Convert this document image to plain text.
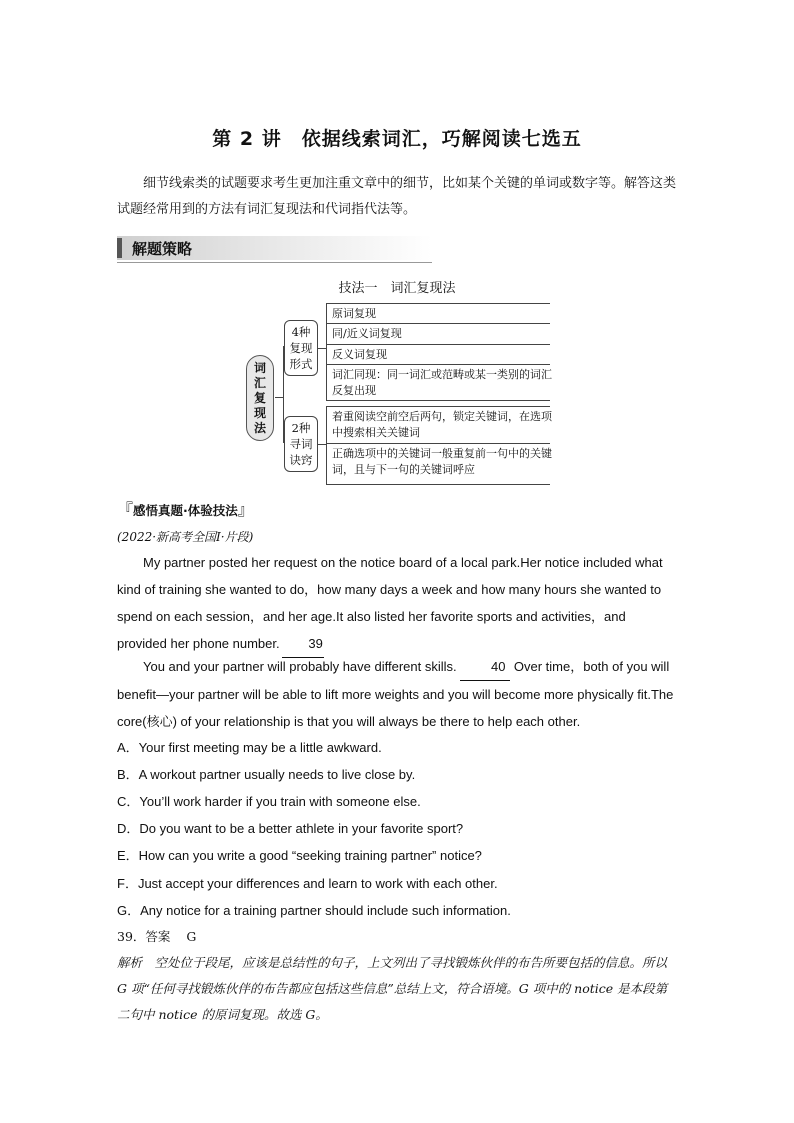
第 2 讲　依据线索词汇，巧解阅读七选五
细节线索类的试题要求考生更加注重文章中的细节，比如某个关键的单词或数字等。解答这类试题经常用到的方法有词汇复现法和代词指代法等。
解题策略
技法一　词汇复现法
词
汇
复
现
法
4种
复现
形式
原词复现
同/近义词复现
反义词复现
词汇同现：同一词汇或范畴或某一类别的词汇反复出现
2种
寻词
诀窍
着重阅读空前空后两句，锁定关键词，在选项中搜索相关关键词
正确选项中的关键词一般重复前一句中的关键词，且与下一句的关键词呼应
『感悟真题·体验技法』
(2022·新高考全国Ⅰ·片段)
My partner posted her request on the notice board of a local park.Her notice included what kind of training she wanted to do，how many days a week and how many hours she wanted to spend on each session，and her age.It also listed her favorite sports and activities，and provided her phone number. 39
You and your partner will probably have different skills.	40 Over time，both of you will benefit—your partner will be able to lift more weights and you will become more physically fit.The core(核心) of your relationship is that you will always be there to help each other.
A．Your first meeting may be a little awkward.
B．A workout partner usually needs to live close by.
C．You’ll work harder if you train with someone else.
D．Do you want to be a better athlete in your favorite sport?
E．How can you write a good “seeking training partner” notice?
F．Just accept your differences and learn to work with each other.
G．Any notice for a training partner should include such information.
39．答案 G
解析　空处位于段尾，应该是总结性的句子，上文列出了寻找锻炼伙伴的布告所要包括的信息。所以 G 项“任何寻找锻炼伙伴的布告都应包括这些信息”总结上文，符合语境。G 项中的 notice 是本段第二句中 notice 的原词复现。故选 G。
